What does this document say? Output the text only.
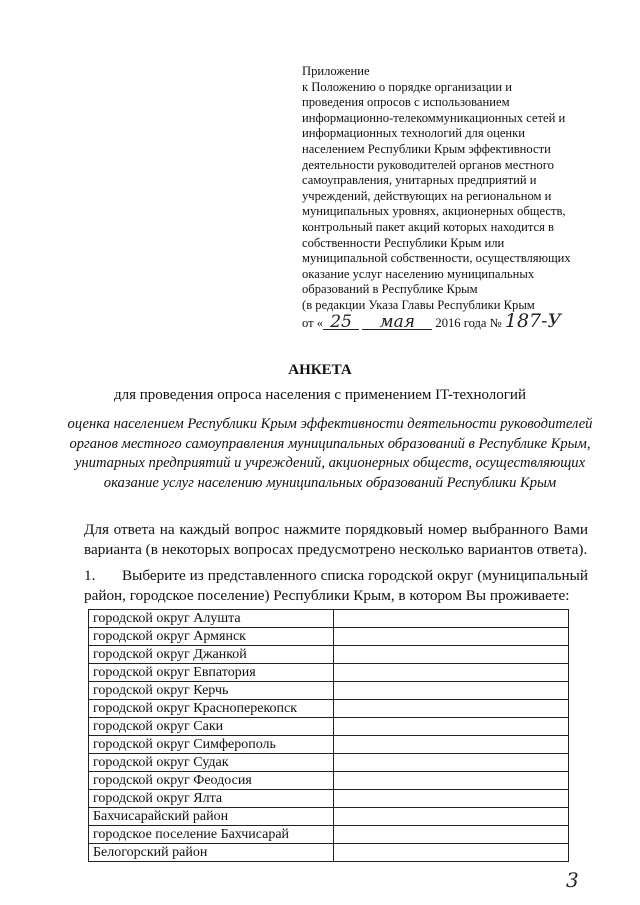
Приложение
к Положению о порядке организации и
проведения опросов с использованием
информационно-телекоммуникационных сетей и
информационных технологий для оценки
населением Республики Крым эффективности
деятельности руководителей органов местного
самоуправления, унитарных предприятий и
учреждений, действующих на региональном и
муниципальных уровнях, акционерных обществ,
контрольный пакет акций которых находится в
собственности Республики Крым или
муниципальной собственности, осуществляющих
оказание услуг населению муниципальных
образований в Республике Крым
(в редакции Указа Главы Республики Крым
от « 25 мая 2016 года № 187-У
АНКЕТА
для проведения опроса населения с применением IT-технологий
оценка населением Республики Крым эффективности деятельности руководителей органов местного самоуправления муниципальных образований в Республике Крым, унитарных предприятий и учреждений, акционерных обществ, осуществляющих оказание услуг населению муниципальных образований Республики Крым
Для ответа на каждый вопрос нажмите порядковый номер выбранного Вами варианта (в некоторых вопросах предусмотрено несколько вариантов ответа).
1. Выберите из представленного списка городской округ (муниципальный район, городское поселение) Республики Крым, в котором Вы проживаете:
городской округ Алушта	
городской округ Армянск	
городской округ Джанкой	
городской округ Евпатория	
городской округ Керчь	
городской округ Красноперекопск	
городской округ Саки	
городской округ Симферополь	
городской округ Судак	
городской округ Феодосия	
городской округ Ялта	
Бахчисарайский район	
городское поселение Бахчисарай	
Белогорский район	
3
